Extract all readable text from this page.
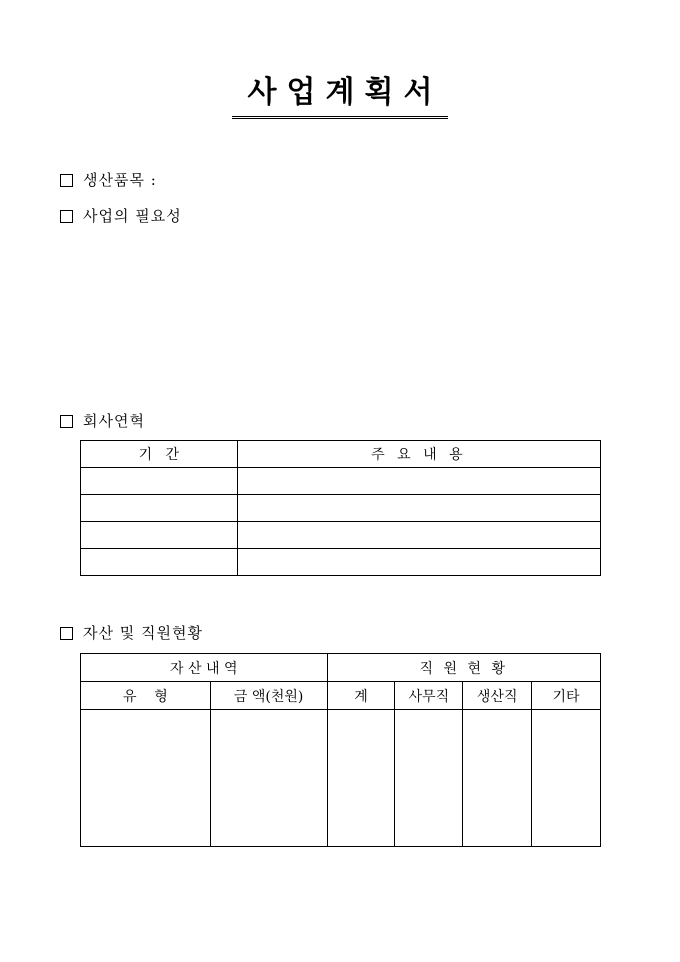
사업계획서
생산품목 :
사업의 필요성
회사연혁
기   간	주 요 내 용

자산 및 직원현황
자 산 내 역		직 원 현 황			
유    형	금 액(천원)	계	사무직	생산직	기타
